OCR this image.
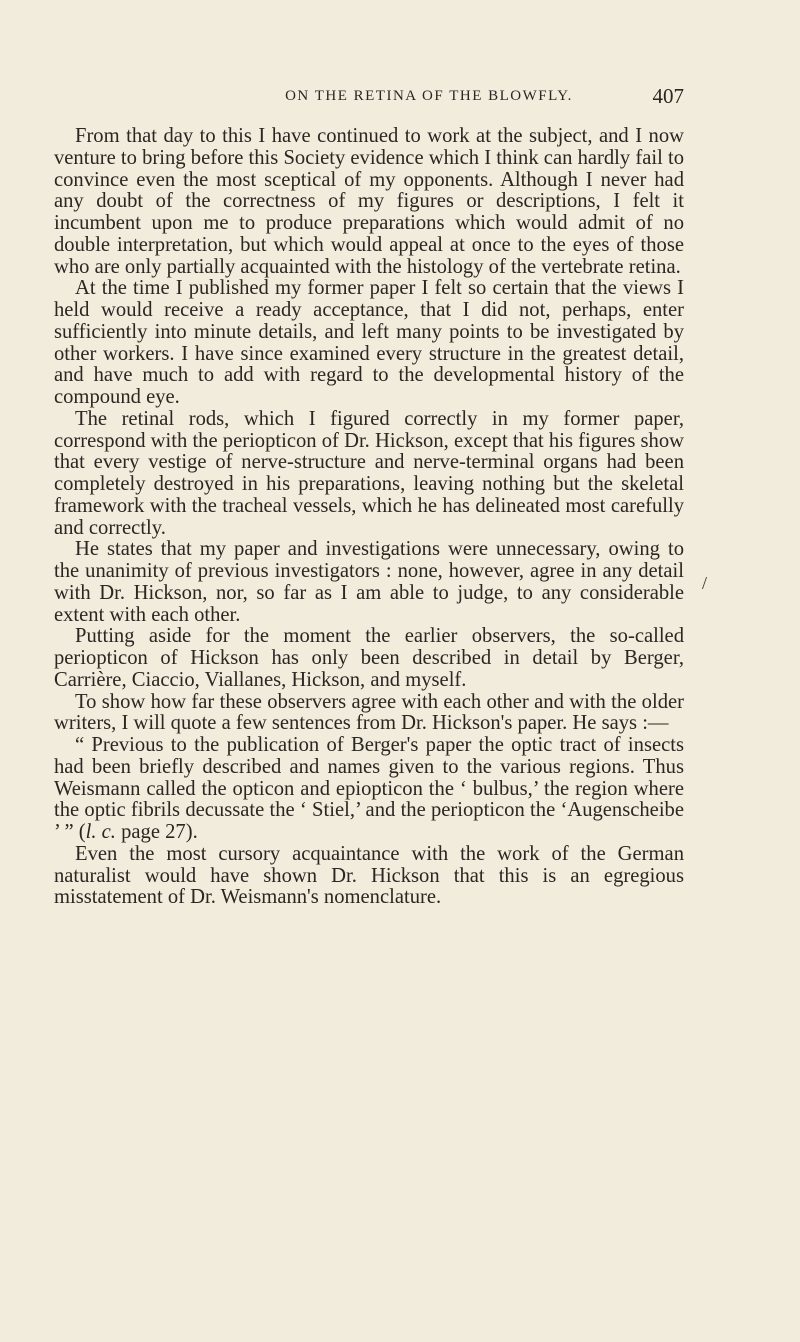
ON THE RETINA OF THE BLOWFLY.	407
/

From that day to this I have continued to work at the subject, and I now venture to bring before this Society evidence which I think can hardly fail to convince even the most sceptical of my opponents. Although I never had any doubt of the correctness of my figures or descriptions, I felt it incumbent upon me to produce preparations which would admit of no double interpretation, but which would appeal at once to the eyes of those who are only partially acquainted with the histology of the vertebrate retina.

At the time I published my former paper I felt so certain that the views I held would receive a ready acceptance, that I did not, perhaps, enter sufficiently into minute details, and left many points to be investigated by other workers. I have since examined every structure in the greatest detail, and have much to add with regard to the developmental history of the compound eye.

The retinal rods, which I figured correctly in my former paper, correspond with the periopticon of Dr. Hickson, except that his figures show that every vestige of nerve-structure and nerve-terminal organs had been completely destroyed in his preparations, leaving nothing but the skeletal framework with the tracheal vessels, which he has delineated most carefully and correctly.

He states that my paper and investigations were unnecessary, owing to the unanimity of previous investigators : none, however, agree in any detail with Dr. Hickson, nor, so far as I am able to judge, to any considerable extent with each other.

Putting aside for the moment the earlier observers, the so-called periopticon of Hickson has only been described in detail by Berger, Carrière, Ciaccio, Viallanes, Hickson, and myself.

To show how far these observers agree with each other and with the older writers, I will quote a few sentences from Dr. Hickson's paper. He says :—

“ Previous to the publication of Berger's paper the optic tract of insects had been briefly described and names given to the various regions. Thus Weismann called the opticon and epiopticon the ‘ bulbus,’ the region where the optic fibrils decussate the ‘ Stiel,’ and the periopticon the ‘Augenscheibe ’ ” (l. c. page 27).

Even the most cursory acquaintance with the work of the German naturalist would have shown Dr. Hickson that this is an egregious misstatement of Dr. Weismann's nomenclature.
